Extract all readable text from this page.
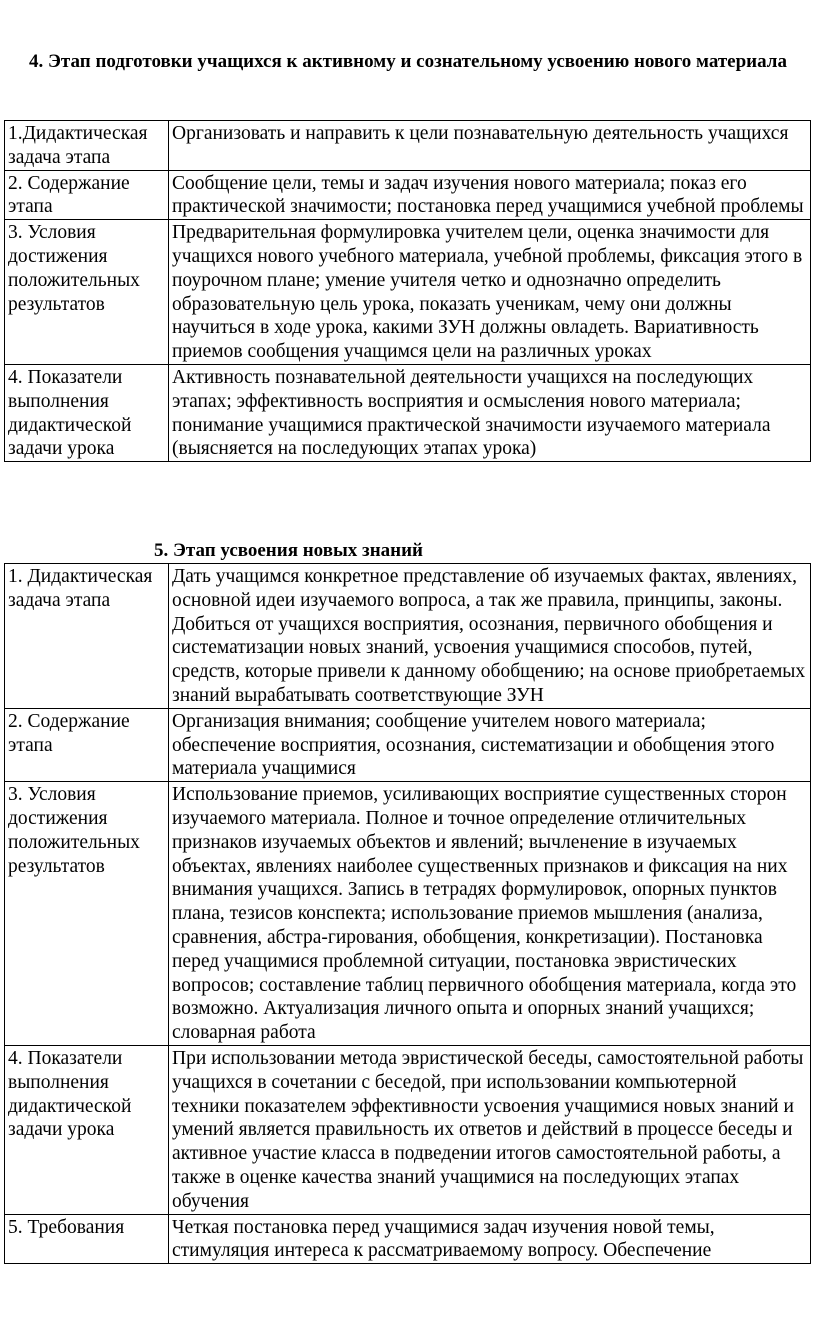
4. Этап подготовки учащихся к активному и сознательному усвоению нового материала

1.Дидактическая задача этапа	Организовать и направить к цели познавательную деятельность учащихся
2. Содержание этапа	Сообщение цели, темы и задач изучения нового материала; показ его практической значимости; постановка перед учащимися учебной проблемы
3. Условия достижения положительных результатов	Предварительная формулировка учителем цели, оценка значимости для учащихся нового учебного материала, учебной проблемы, фиксация этого в поурочном плане; умение учителя четко и однозначно определить образовательную цель урока, показать ученикам, чему они должны научиться в ходе урока, какими ЗУН должны овладеть. Вариативность приемов сообщения учащимся цели на различных уроках
4. Показатели выполнения дидактической задачи урока	Активность познавательной деятельности учащихся на последующих этапах; эффективность восприятия и осмысления нового материала; понимание учащимися практической значимости изучаемого материала (выясняется на последующих этапах урока)

5. Этап усвоения новых знаний

1. Дидактическая задача этапа	Дать учащимся конкретное представление об изучаемых фактах, явлениях, основной идеи изучаемого вопроса, а так же правила, принципы, законы. Добиться от учащихся восприятия, осознания, первичного обобщения и систематизации новых знаний, усвоения учащимися способов, путей, средств, которые привели к данному обобщению; на основе приобретаемых знаний вырабатывать соответствующие ЗУН
2. Содержание этапа	Организация внимания; сообщение учителем нового материала; обеспечение восприятия, осознания, систематизации и обобщения этого материала учащимися
3. Условия достижения положительных результатов	Использование приемов, усиливающих восприятие существенных сторон изучаемого материала. Полное и точное определение отличительных признаков изучаемых объектов и явлений; вычленение в изучаемых объектах, явлениях наиболее существенных признаков и фиксация на них внимания учащихся. Запись в тетрадях формулировок, опорных пунктов плана, тезисов конспекта; использование приемов мышления (анализа, сравнения, абстра-гирования, обобщения, конкретизации). Постановка перед учащимися проблемной ситуации, постановка эвристических вопросов; составление таблиц первичного обобщения материала, когда это возможно. Актуализация личного опыта и опорных знаний учащихся; словарная работа
4. Показатели выполнения дидактической задачи урока	При использовании метода эвристической беседы, самостоятельной работы учащихся в сочетании с беседой, при использовании компьютерной техники показателем эффективности усвоения учащимися новых знаний и умений является правильность их ответов и действий в процессе беседы и активное участие класса в подведении итогов самостоятельной работы, а также в оценке качества знаний учащимися на последующих этапах обучения
5. Требования	Четкая постановка перед учащимися задач изучения новой темы, стимуляция интереса к рассматриваемому вопросу. Обеспечение
